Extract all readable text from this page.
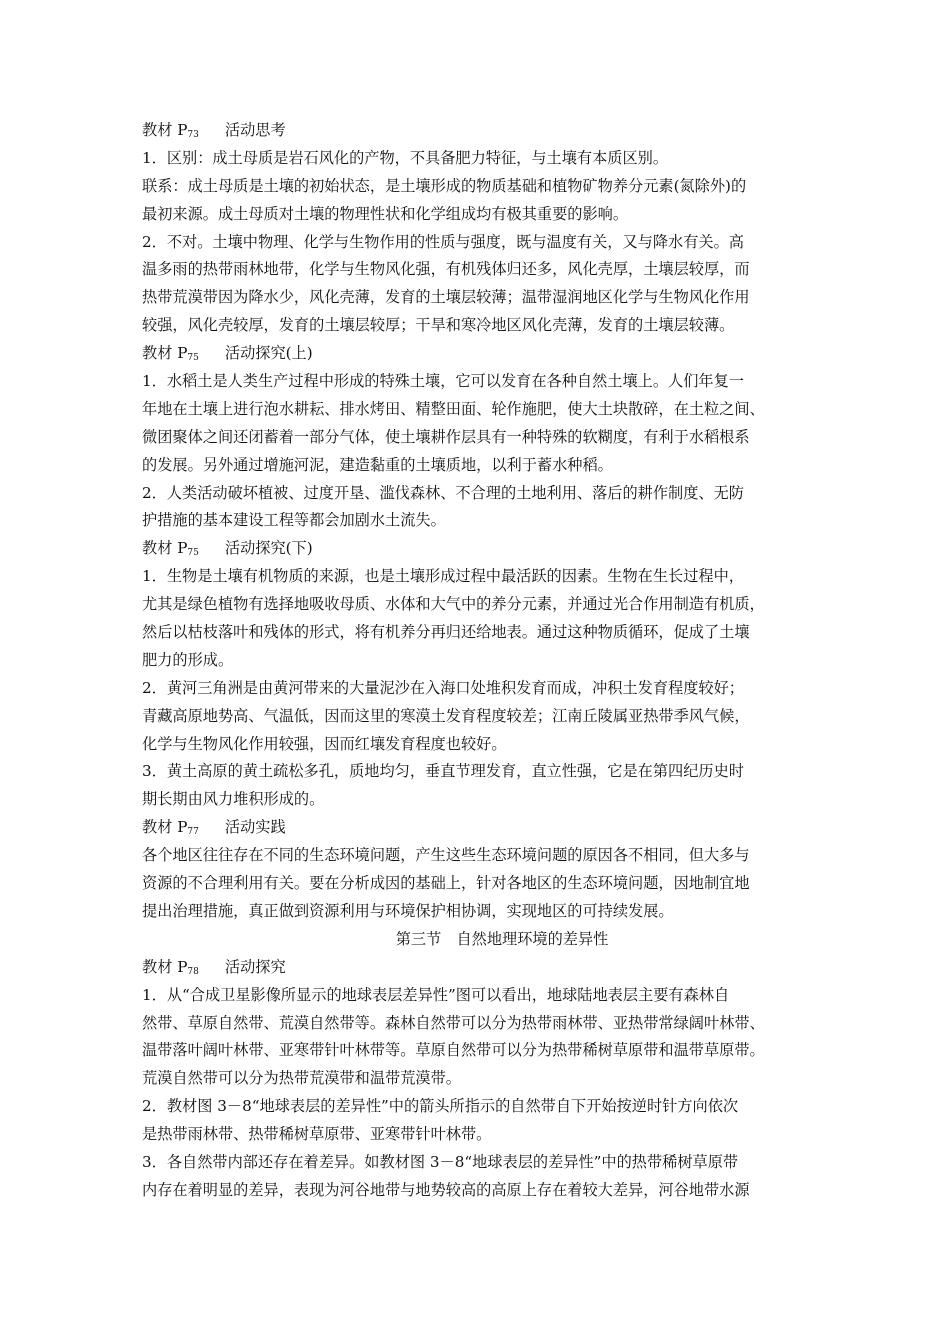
教材 $P_{73}$ 活动思考
1．区别：成土母质是岩石风化的产物，不具备肥力特征，与土壤有本质区别。
联系：成土母质是土壤的初始状态，是土壤形成的物质基础和植物矿物养分元素(氮除外)的
最初来源。成土母质对土壤的物理性状和化学组成均有极其重要的影响。
2．不对。土壤中物理、化学与生物作用的性质与强度，既与温度有关，又与降水有关。高
温多雨的热带雨林地带，化学与生物风化强，有机残体归还多，风化壳厚，土壤层较厚，而
热带荒漠带因为降水少，风化壳薄，发育的土壤层较薄；温带湿润地区化学与生物风化作用
较强，风化壳较厚，发育的土壤层较厚；干旱和寒冷地区风化壳薄，发育的土壤层较薄。
教材 $P_{75}$ 活动探究(上)
1．水稻土是人类生产过程中形成的特殊土壤，它可以发育在各种自然土壤上。人们年复一
年地在土壤上进行泡水耕耘、排水烤田、精整田面、轮作施肥，使大土块散碎，在土粒之间、
微团聚体之间还闭蓄着一部分气体，使土壤耕作层具有一种特殊的软糊度，有利于水稻根系
的发展。另外通过增施河泥，建造黏重的土壤质地，以利于蓄水种稻。
2．人类活动破坏植被、过度开垦、滥伐森林、不合理的土地利用、落后的耕作制度、无防
护措施的基本建设工程等都会加剧水土流失。
教材 $P_{75}$ 活动探究(下)
1．生物是土壤有机物质的来源，也是土壤形成过程中最活跃的因素。生物在生长过程中，
尤其是绿色植物有选择地吸收母质、水体和大气中的养分元素，并通过光合作用制造有机质，
然后以枯枝落叶和残体的形式，将有机养分再归还给地表。通过这种物质循环，促成了土壤
肥力的形成。
2．黄河三角洲是由黄河带来的大量泥沙在入海口处堆积发育而成，冲积土发育程度较好；
青藏高原地势高、气温低，因而这里的寒漠土发育程度较差；江南丘陵属亚热带季风气候，
化学与生物风化作用较强，因而红壤发育程度也较好。
3．黄土高原的黄土疏松多孔，质地均匀，垂直节理发育，直立性强，它是在第四纪历史时
期长期由风力堆积形成的。
教材 $P_{77}$ 活动实践
各个地区往往存在不同的生态环境问题，产生这些生态环境问题的原因各不相同，但大多与
资源的不合理利用有关。要在分析成因的基础上，针对各地区的生态环境问题，因地制宜地
提出治理措施，真正做到资源利用与环境保护相协调，实现地区的可持续发展。
第三节　自然地理环境的差异性
教材 $P_{78}$ 活动探究
1．从“合成卫星影像所显示的地球表层差异性”图可以看出，地球陆地表层主要有森林自
然带、草原自然带、荒漠自然带等。森林自然带可以分为热带雨林带、亚热带常绿阔叶林带、
温带落叶阔叶林带、亚寒带针叶林带等。草原自然带可以分为热带稀树草原带和温带草原带。
荒漠自然带可以分为热带荒漠带和温带荒漠带。
2．教材图 3－8“地球表层的差异性”中的箭头所指示的自然带自下开始按逆时针方向依次
是热带雨林带、热带稀树草原带、亚寒带针叶林带。
3．各自然带内部还存在着差异。如教材图 3－8“地球表层的差异性”中的热带稀树草原带
内存在着明显的差异，表现为河谷地带与地势较高的高原上存在着较大差异，河谷地带水源
